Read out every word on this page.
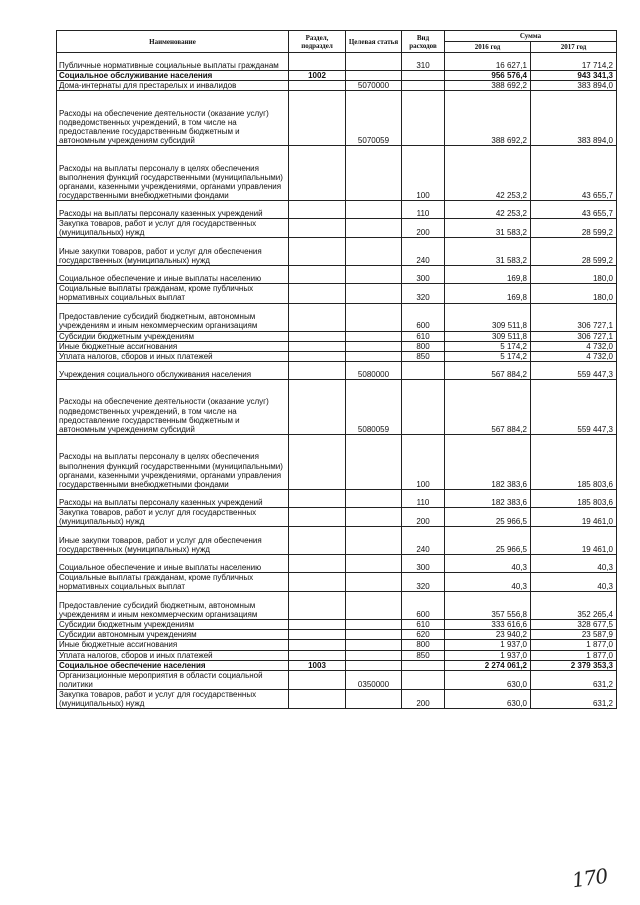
Наименование	Раздел, подраздел	Целевая статья	Вид расходов	Сумма	
				2016 год	2017 год
Публичные нормативные социальные выплаты гражданам			310	16 627,1	17 714,2
Социальное обслуживание населения	1002			956 576,4	943 341,3
Дома-интернаты для престарелых и инвалидов		5070000		388 692,2	383 894,0
Расходы на обеспечение деятельности (оказание услуг) подведомственных учреждений, в том числе на предоставление государственным бюджетным и автономным учреждениям субсидий		5070059		388 692,2	383 894,0
Расходы на выплаты персоналу в целях обеспечения выполнения функций государственными (муниципальными) органами, казенными учреждениями, органами управления государственными внебюджетными фондами			100	42 253,2	43 655,7
Расходы на выплаты персоналу казенных учреждений			110	42 253,2	43 655,7
Закупка товаров, работ и услуг для государственных (муниципальных) нужд			200	31 583,2	28 599,2
Иные закупки товаров, работ и услуг для обеспечения государственных (муниципальных) нужд			240	31 583,2	28 599,2
Социальное обеспечение и иные выплаты населению			300	169,8	180,0
Социальные выплаты гражданам, кроме публичных нормативных социальных выплат			320	169,8	180,0
Предоставление субсидий бюджетным, автономным учреждениям и иным некоммерческим организациям			600	309 511,8	306 727,1
Субсидии бюджетным учреждениям			610	309 511,8	306 727,1
Иные бюджетные ассигнования			800	5 174,2	4 732,0
Уплата налогов, сборов и иных платежей			850	5 174,2	4 732,0
Учреждения социального обслуживания населения		5080000		567 884,2	559 447,3
Расходы на обеспечение деятельности (оказание услуг) подведомственных учреждений, в том числе на предоставление государственным бюджетным и автономным учреждениям субсидий		5080059		567 884,2	559 447,3
Расходы на выплаты персоналу в целях обеспечения выполнения функций государственными (муниципальными) органами, казенными учреждениями, органами управления государственными внебюджетными фондами			100	182 383,6	185 803,6
Расходы на выплаты персоналу казенных учреждений			110	182 383,6	185 803,6
Закупка товаров, работ и услуг для государственных (муниципальных) нужд			200	25 966,5	19 461,0
Иные закупки товаров, работ и услуг для обеспечения государственных (муниципальных) нужд			240	25 966,5	19 461,0
Социальное обеспечение и иные выплаты населению			300	40,3	40,3
Социальные выплаты гражданам, кроме публичных нормативных социальных выплат			320	40,3	40,3
Предоставление субсидий бюджетным, автономным учреждениям и иным некоммерческим организациям			600	357 556,8	352 265,4
Субсидии бюджетным учреждениям			610	333 616,6	328 677,5
Субсидии автономным учреждениям			620	23 940,2	23 587,9
Иные бюджетные ассигнования			800	1 937,0	1 877,0
Уплата налогов, сборов и иных платежей			850	1 937,0	1 877,0
Социальное обеспечение населения	1003			2 274 061,2	2 379 353,3
Организационные мероприятия в области социальной политики		0350000		630,0	631,2
Закупка товаров, работ и услуг для государственных (муниципальных) нужд			200	630,0	631,2
170
